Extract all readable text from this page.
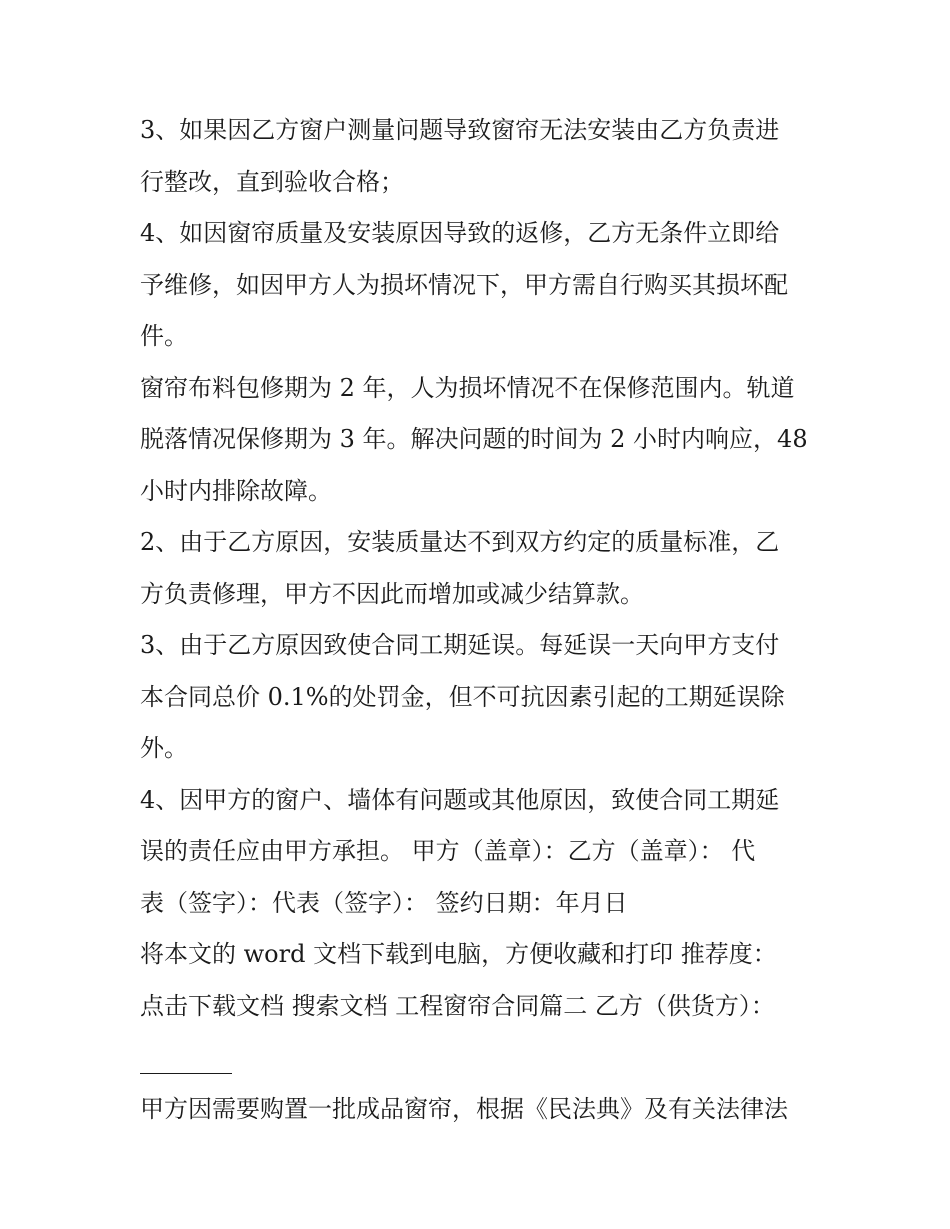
3、如果因乙方窗户测量问题导致窗帘无法安装由乙方负责进
行整改，直到验收合格；

4、如因窗帘质量及安装原因导致的返修，乙方无条件立即给
予维修，如因甲方人为损坏情况下，甲方需自行购买其损坏配
件。

窗帘布料包修期为 2 年，人为损坏情况不在保修范围内。轨道
脱落情况保修期为 3 年。解决问题的时间为 2 小时内响应，48
小时内排除故障。

2、由于乙方原因，安装质量达不到双方约定的质量标准，乙
方负责修理，甲方不因此而增加或减少结算款。

3、由于乙方原因致使合同工期延误。每延误一天向甲方支付
本合同总价 0.1%的处罚金，但不可抗因素引起的工期延误除
外。

4、因甲方的窗户、墙体有问题或其他原因，致使合同工期延
误的责任应由甲方承担。 甲方（盖章）：乙方（盖章）： 代
表（签字）：代表（签字）： 签约日期：年月日

将本文的 word 文档下载到电脑，方便收藏和打印 推荐度：
点击下载文档 搜索文档 工程窗帘合同篇二 乙方（供货方）：

甲方因需要购置一批成品窗帘，根据《民法典》及有关法律法
